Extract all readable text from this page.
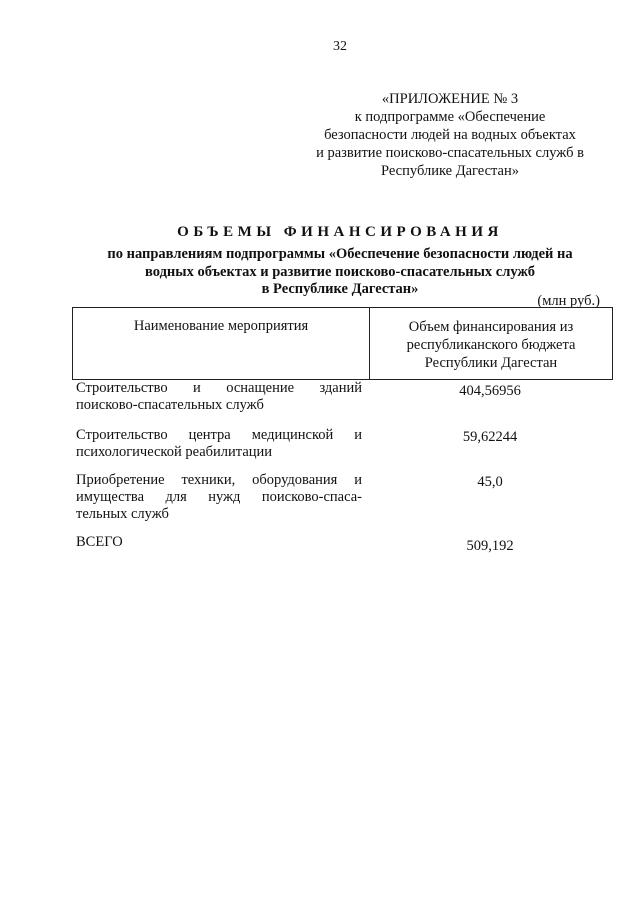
32
«ПРИЛОЖЕНИЕ № 3
к подпрограмме «Обеспечение
безопасности людей на водных объектах
и развитие поисково-спасательных служб в
Республике Дагестан»
ОБЪЕМЫ ФИНАНСИРОВАНИЯ
по направлениям подпрограммы «Обеспечение безопасности людей на
водных объектах и развитие поисково-спасательных служб
в Республике Дагестан»
(млн руб.)
Наименование мероприятия	Объем финансирования из
республиканского бюджета
Республики Дагестан
Строительство и оснащение зданий
поисково-спасательных служб
404,56956
Строительство центра медицинской и
психологической реабилитации
59,62244
Приобретение техники, оборудования и
имущества для нужд поисково-спаса-
тельных служб
45,0
ВСЕГО	509,192
